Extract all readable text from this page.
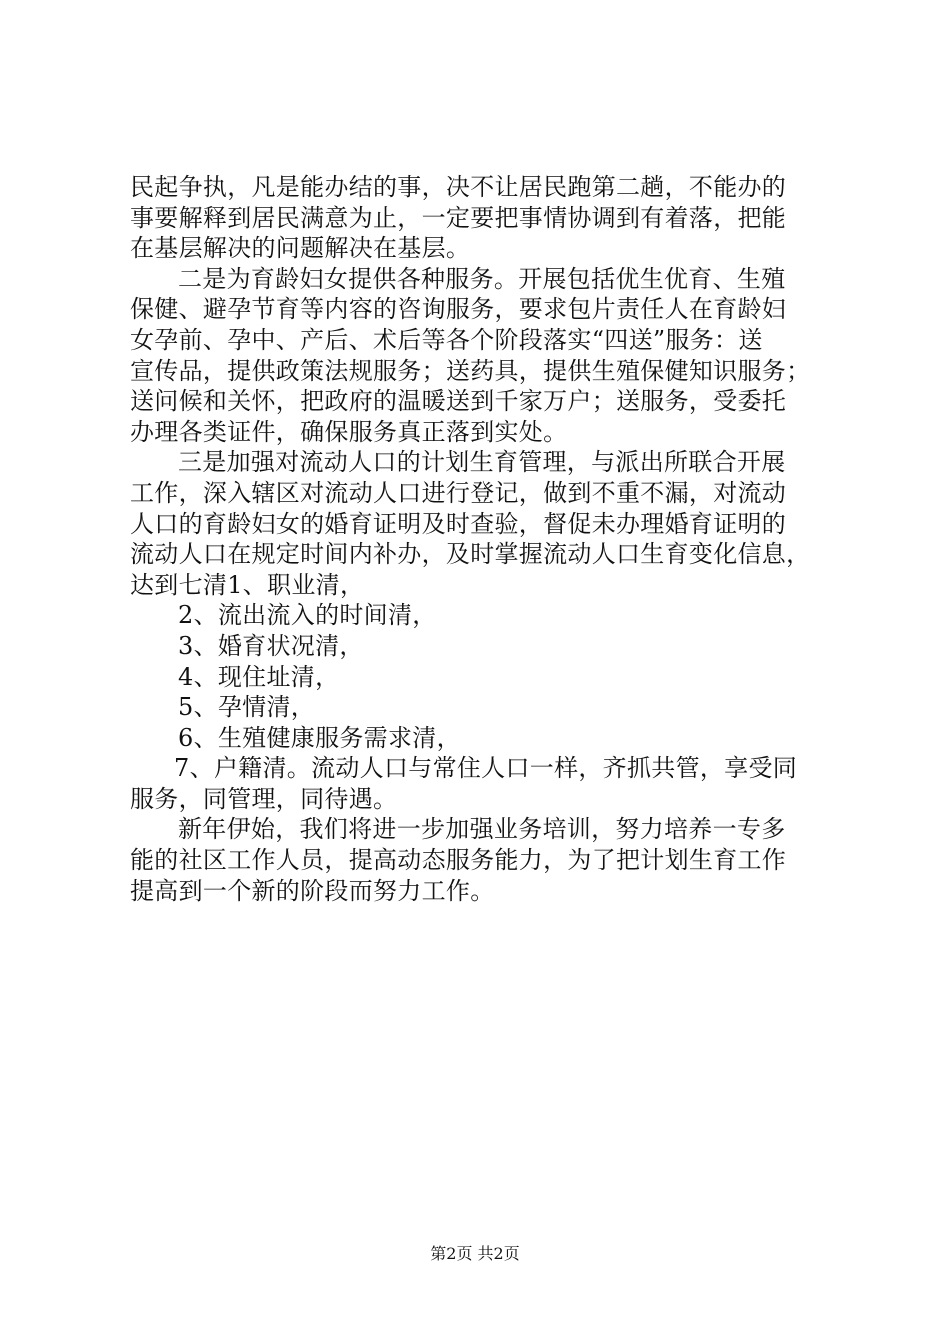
民起争执，凡是能办结的事，决不让居民跑第二趟，不能办的
事要解释到居民满意为止，一定要把事情协调到有着落，把能
在基层解决的问题解决在基层。
二是为育龄妇女提供各种服务。开展包括优生优育、生殖
保健、避孕节育等内容的咨询服务，要求包片责任人在育龄妇
女孕前、孕中、产后、术后等各个阶段落实“四送”服务：送
宣传品，提供政策法规服务；送药具，提供生殖保健知识服务；
送问候和关怀，把政府的温暖送到千家万户；送服务，受委托
办理各类证件，确保服务真正落到实处。
三是加强对流动人口的计划生育管理，与派出所联合开展
工作，深入辖区对流动人口进行登记，做到不重不漏，对流动
人口的育龄妇女的婚育证明及时查验，督促未办理婚育证明的
流动人口在规定时间内补办，及时掌握流动人口生育变化信息，
达到七清1、职业清，
2、流出流入的时间清，
3、婚育状况清，
4、现住址清，
5、孕情清，
6、生殖健康服务需求清，
7、户籍清。流动人口与常住人口一样，齐抓共管，享受同
服务，同管理，同待遇。
新年伊始，我们将进一步加强业务培训，努力培养一专多
能的社区工作人员，提高动态服务能力，为了把计划生育工作
提高到一个新的阶段而努力工作。
第2页 共2页
